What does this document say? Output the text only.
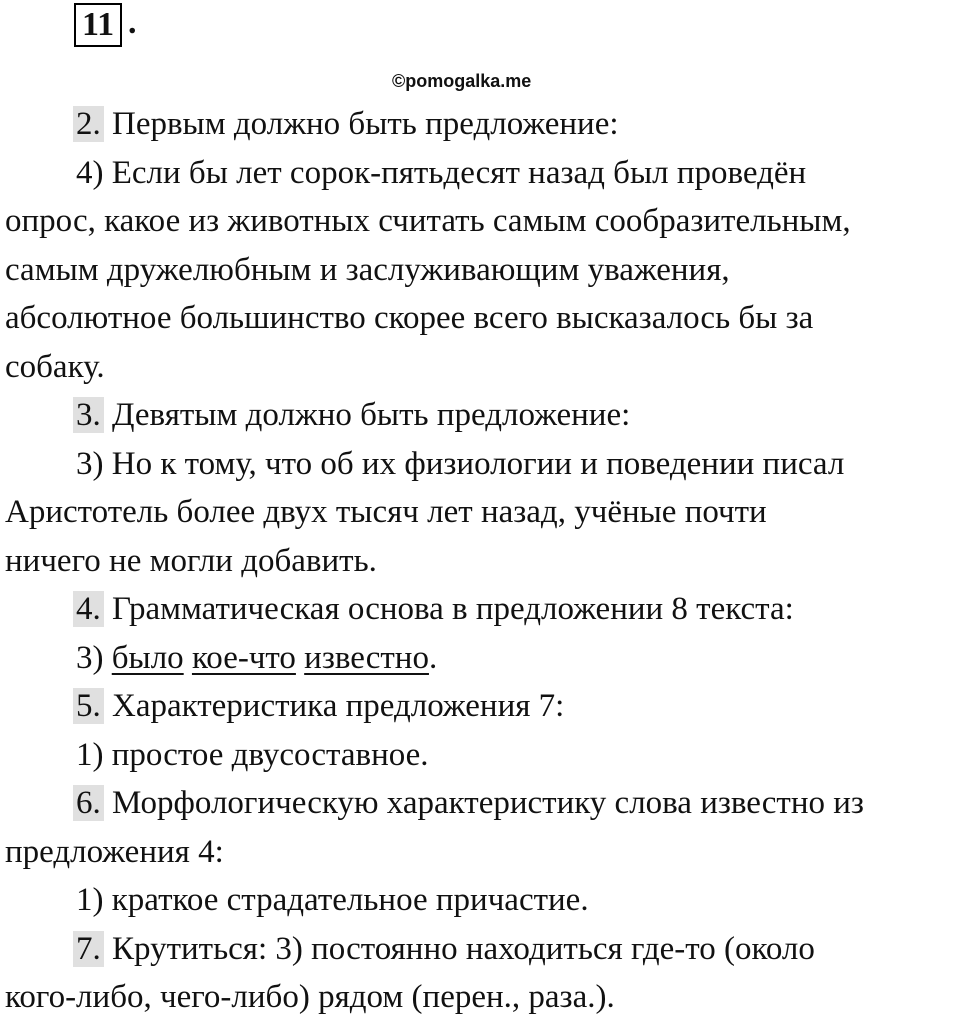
11 .
©pomogalka.me
2. Первым должно быть предложение:
4) Если бы лет сорок-пятьдесят назад был проведён
опрос, какое из животных считать самым сообразительным,
самым дружелюбным и заслуживающим уважения,
абсолютное большинство скорее всего высказалось бы за
собаку.
3. Девятым должно быть предложение:
3) Но к тому, что об их физиологии и поведении писал
Аристотель более двух тысяч лет назад, учёные почти
ничего не могли добавить.
4. Грамматическая основа в предложении 8 текста:
3) было кое-что известно.
5. Характеристика предложения 7:
1) простое двусоставное.
6. Морфологическую характеристику слова известно из
предложения 4:
1) краткое страдательное причастие.
7. Крутиться: 3) постоянно находиться где-то (около
кого-либо, чего-либо) рядом (перен., раза.).
